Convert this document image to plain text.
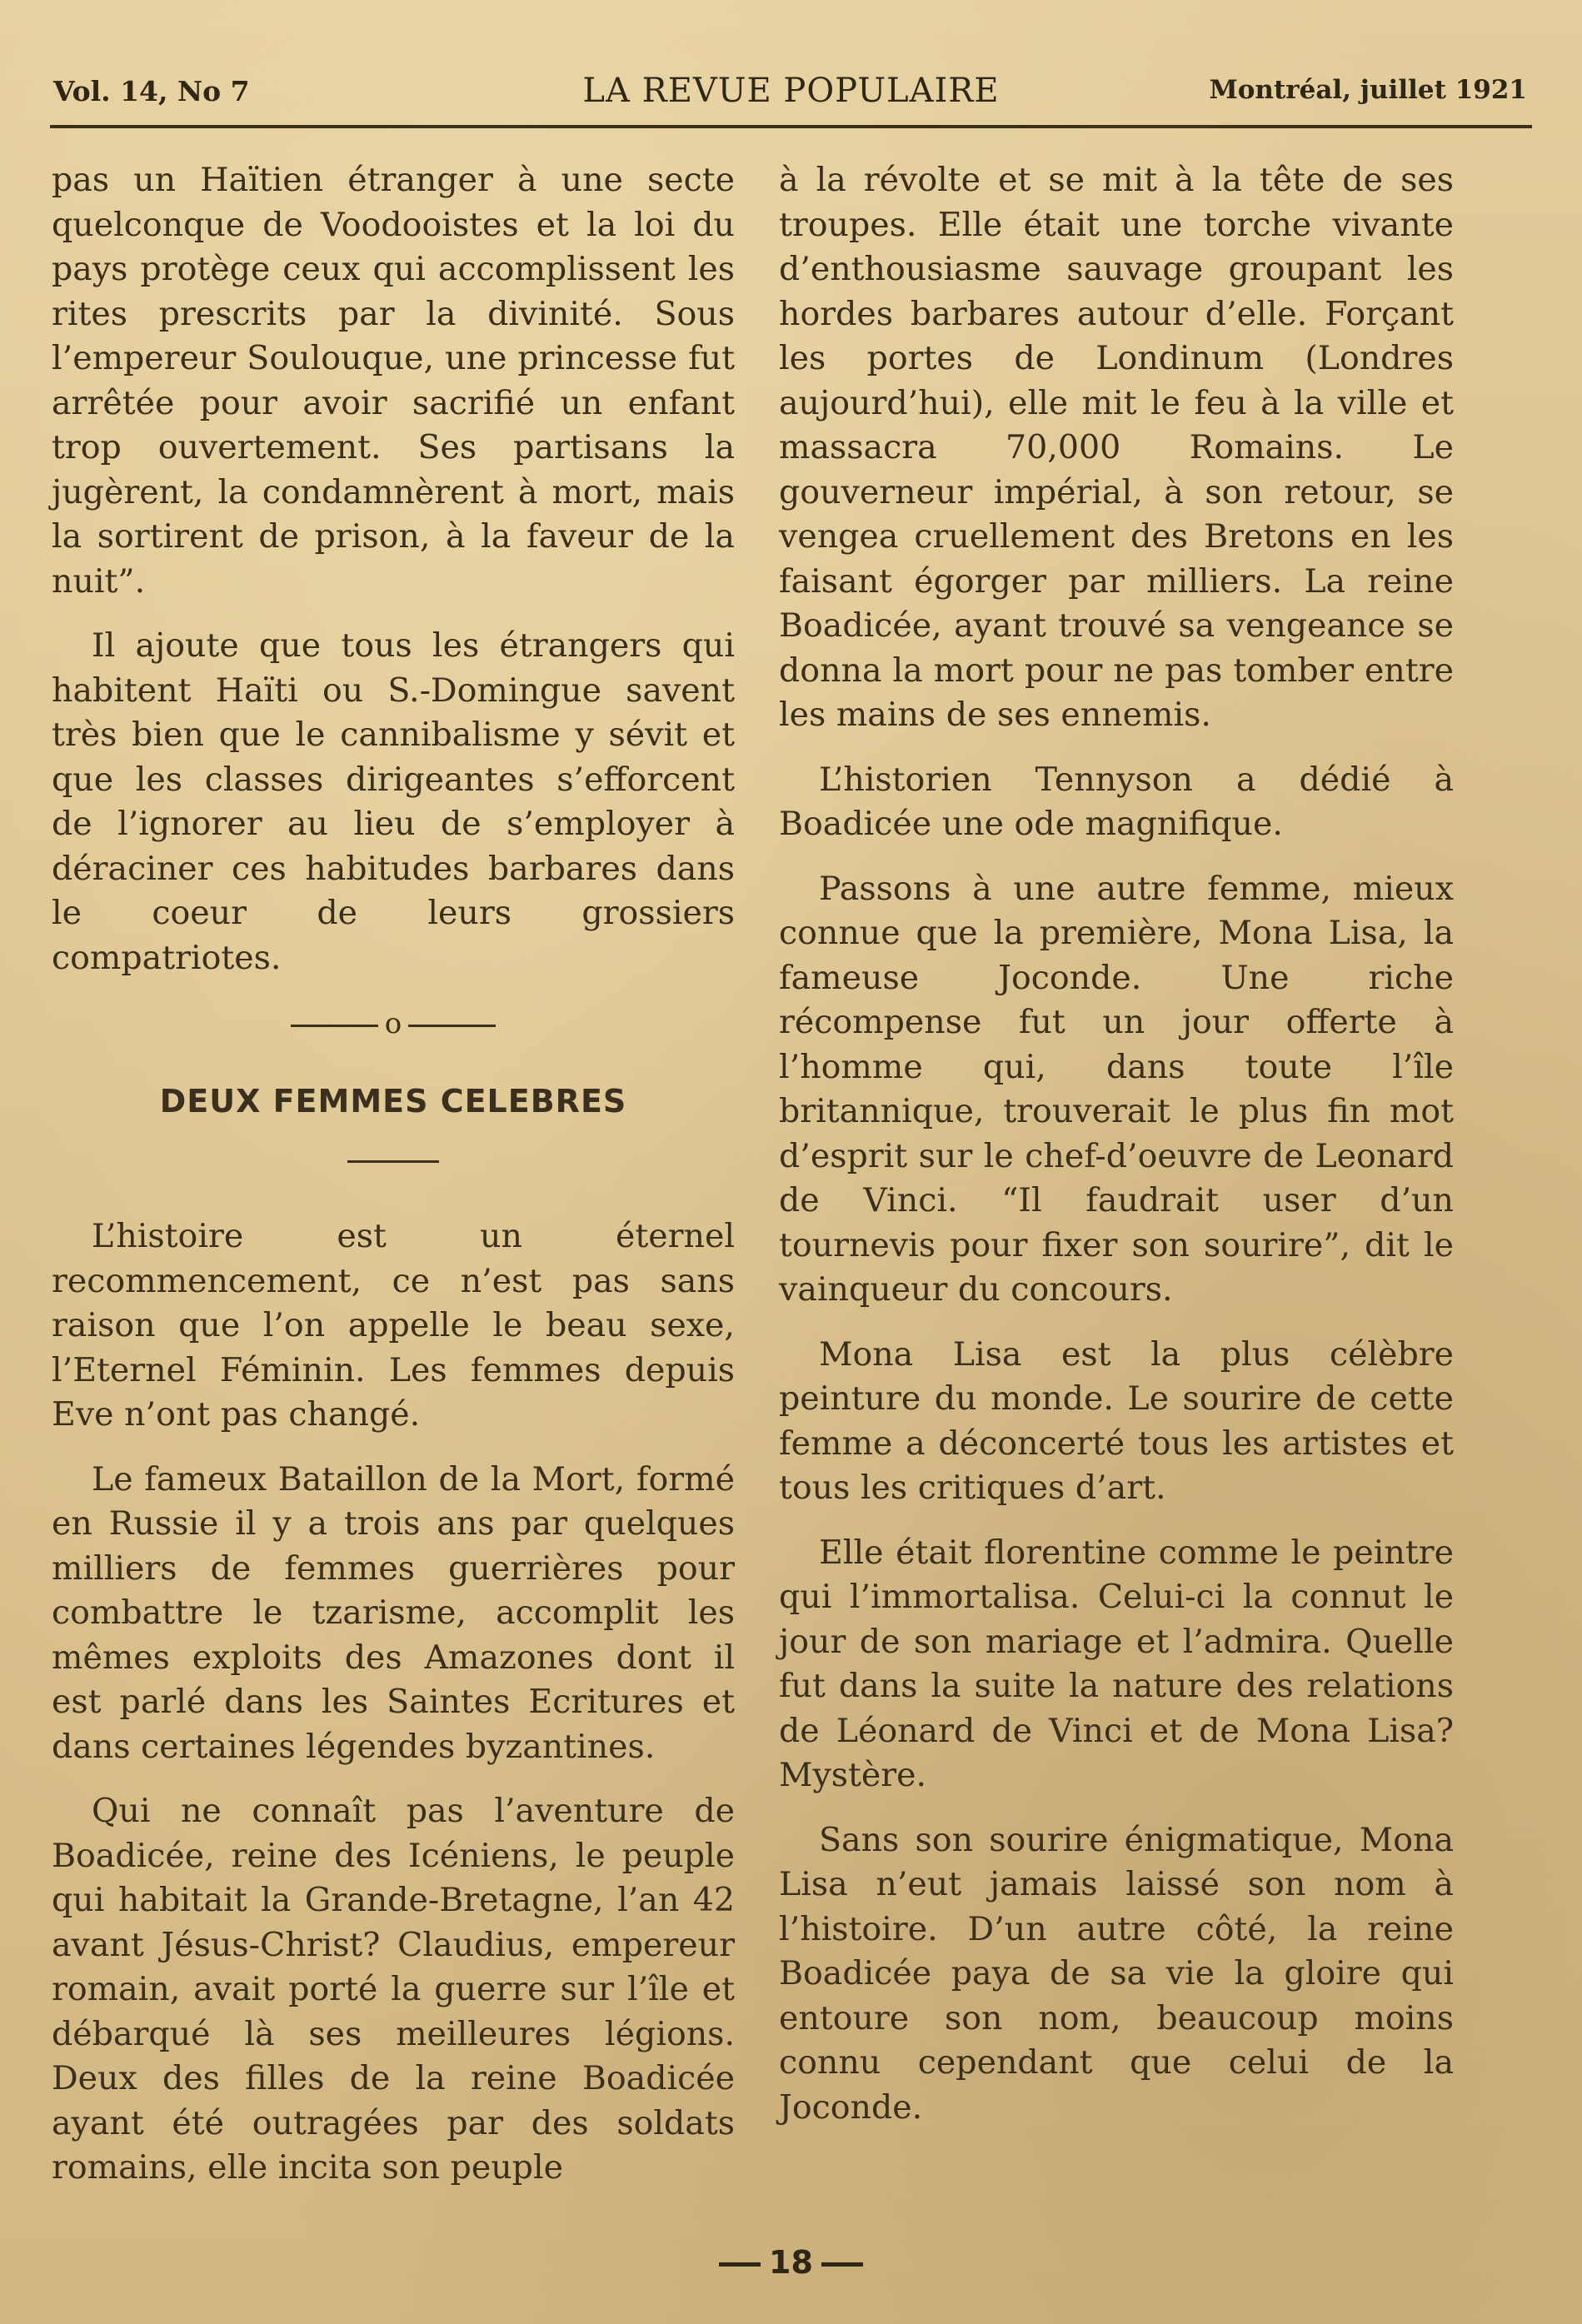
Vol. 14, No 7	LA REVUE POPULAIRE	Montréal, juillet 1921

pas un Haïtien étranger à une secte quelconque de Voodooistes et la loi du pays protège ceux qui accomplissent les rites prescrits par la divinité. Sous l’empereur Soulouque, une princesse fut arrêtée pour avoir sacrifié un enfant trop ouvertement. Ses partisans la jugèrent, la condamnèrent à mort, mais la sortirent de prison, à la faveur de la nuit”.

Il ajoute que tous les étrangers qui habitent Haïti ou S.-Domingue savent très bien que le cannibalisme y sévit et que les classes dirigeantes s’efforcent de l’ignorer au lieu de s’employer à déraciner ces habitudes barbares dans le coeur de leurs grossiers compatriotes.

o
DEUX FEMMES CELEBRES

L’histoire est un éternel recommencement, ce n’est pas sans raison que l’on appelle le beau sexe, l’Eternel Féminin. Les femmes depuis Eve n’ont pas changé.

Le fameux Bataillon de la Mort, formé en Russie il y a trois ans par quelques milliers de femmes guerrières pour combattre le tzarisme, accomplit les mêmes exploits des Amazones dont il est parlé dans les Saintes Ecritures et dans certaines légendes byzantines.

Qui ne connaît pas l’aventure de Boadicée, reine des Icéniens, le peuple qui habitait la Grande-Bretagne, l’an 42 avant Jésus-Christ? Claudius, empereur romain, avait porté la guerre sur l’île et débarqué là ses meilleures légions. Deux des filles de la reine Boadicée ayant été outragées par des soldats romains, elle incita son peuple

à la révolte et se mit à la tête de ses troupes. Elle était une torche vivante d’enthousiasme sauvage groupant les hordes barbares autour d’elle. Forçant les portes de Londinum (Londres aujourd’hui), elle mit le feu à la ville et massacra 70,000 Romains. Le gouverneur impérial, à son retour, se vengea cruellement des Bretons en les faisant égorger par milliers. La reine Boadicée, ayant trouvé sa vengeance se donna la mort pour ne pas tomber entre les mains de ses ennemis.

L’historien Tennyson a dédié à Boadicée une ode magnifique.

Passons à une autre femme, mieux connue que la première, Mona Lisa, la fameuse Joconde. Une riche récompense fut un jour offerte à l’homme qui, dans toute l’île britannique, trouverait le plus fin mot d’esprit sur le chef-d’oeuvre de Leonard de Vinci. “Il faudrait user d’un tournevis pour fixer son sourire”, dit le vainqueur du concours.

Mona Lisa est la plus célèbre peinture du monde. Le sourire de cette femme a déconcerté tous les artistes et tous les critiques d’art.

Elle était florentine comme le peintre qui l’immortalisa. Celui-ci la connut le jour de son mariage et l’admira. Quelle fut dans la suite la nature des relations de Léonard de Vinci et de Mona Lisa? Mystère.

Sans son sourire énigmatique, Mona Lisa n’eut jamais laissé son nom à l’histoire. D’un autre côté, la reine Boadicée paya de sa vie la gloire qui entoure son nom, beaucoup moins connu cependant que celui de la Joconde.

18
